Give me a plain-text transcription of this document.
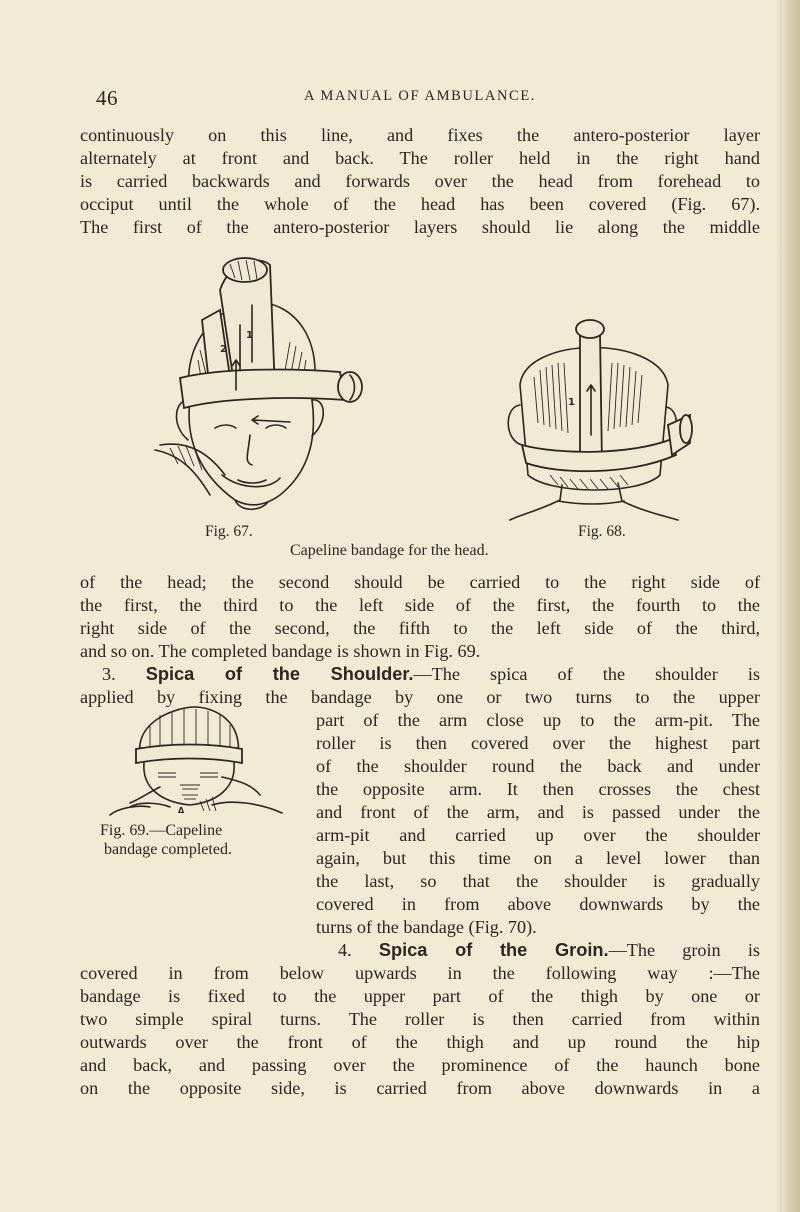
46	A MANUAL OF AMBULANCE.
continuously on this line, and fixes the antero-posterior layer
alternately at front and back. The roller held in the right hand
is carried backwards and forwards over the head from forehead to
occiput until the whole of the head has been covered (Fig. 67).
The first of the antero-posterior layers should lie along the middle
1
2
1
Fig. 67.	Fig. 68.
Capeline bandage for the head.
of the head; the second should be carried to the right side of
the first, the third to the left side of the first, the fourth to the
right side of the second, the fifth to the left side of the third,
and so on. The completed bandage is shown in Fig. 69.
3. Spica of the Shoulder.—The spica of the shoulder is
applied by fixing the bandage by one or two turns to the upper
Δ
Fig. 69.—Capeline
bandage completed.
part of the arm close up to the arm-pit. The
roller is then covered over the highest part
of the shoulder round the back and under
the opposite arm. It then crosses the chest
and front of the arm, and is passed under the
arm-pit and carried up over the shoulder
again, but this time on a level lower than
the last, so that the shoulder is gradually
covered in from above downwards by the
turns of the bandage (Fig. 70).
4. Spica of the Groin.—The groin is
covered in from below upwards in the following way :—The
bandage is fixed to the upper part of the thigh by one or
two simple spiral turns. The roller is then carried from within
outwards over the front of the thigh and up round the hip
and back, and passing over the prominence of the haunch bone
on the opposite side, is carried from above downwards in a
